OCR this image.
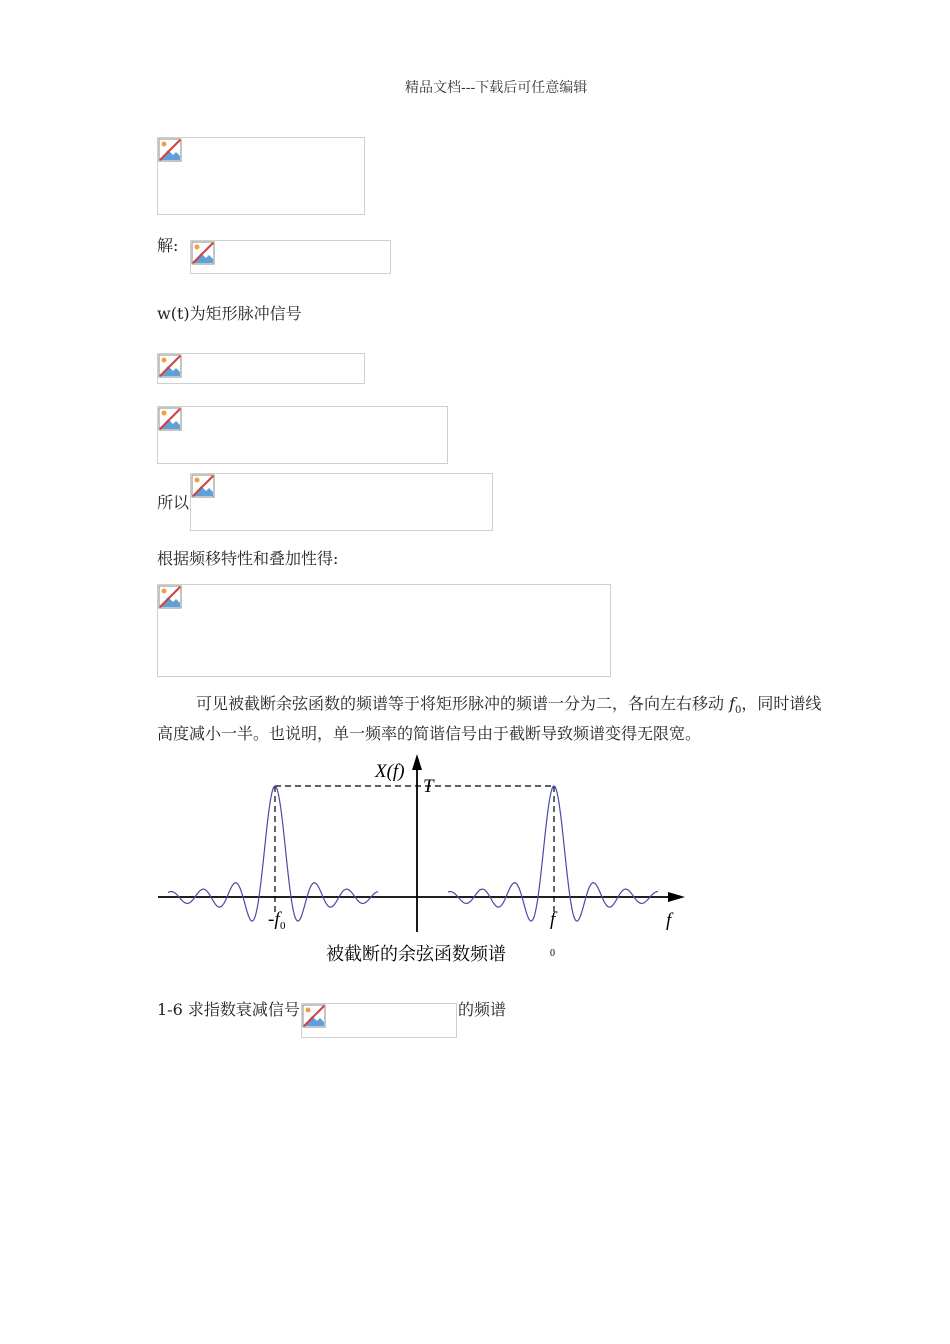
精品文档---下载后可任意编辑
解:
w(t)为矩形脉冲信号
所以
根据频移特性和叠加性得:
可见被截断余弦函数的频谱等于将矩形脉冲的频谱一分为二，各向左右移动 $f_0$，同时谱线
高度减小一半。也说明，单一频率的简谐信号由于截断导致频谱变得无限宽。
X(f)
T
-f 0	f	f
被截断的余弦函数频谱	0
1-6 求指数衰减信号	的频谱
